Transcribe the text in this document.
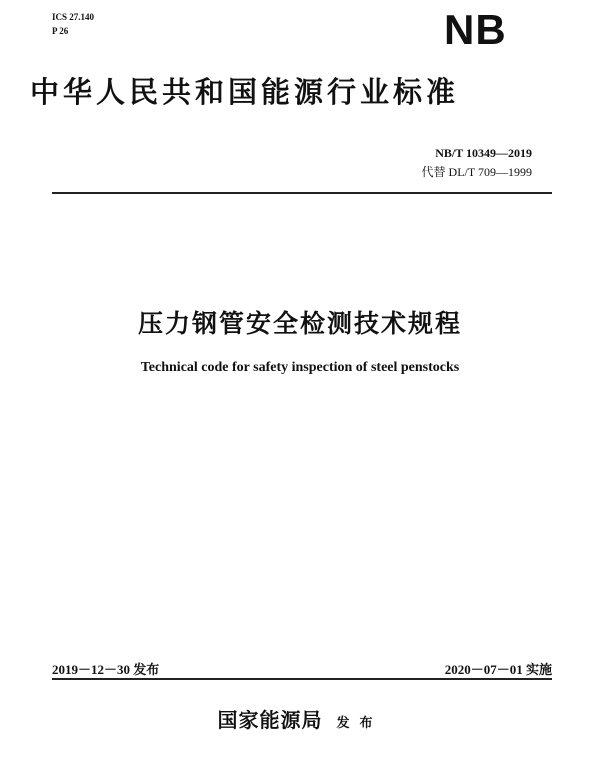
ICS 27.140
P 26	NB
中华人民共和国能源行业标准
NB/T 10349—2019
代替 DL/T 709—1999
压力钢管安全检测技术规程
Technical code for safety inspection of steel penstocks
2019－12－30 发布	2020－07－01 实施
国家能源局 发布
